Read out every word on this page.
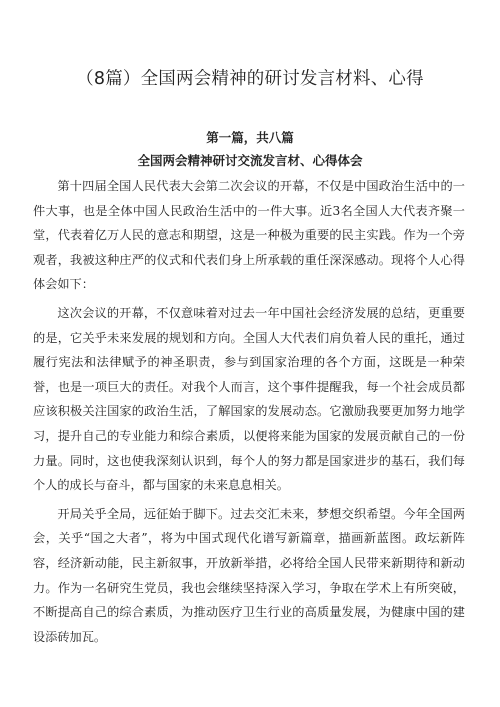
（8篇）全国两会精神的研讨发言材料、心得
第一篇，共八篇
全国两会精神研讨交流发言材、心得体会

第十四届全国人民代表大会第二次会议的开幕，不仅是中国政治生活中的一件大事，也是全体中国人民政治生活中的一件大事。近3名全国人大代表齐聚一堂，代表着亿万人民的意志和期望，这是一种极为重要的民主实践。作为一个旁观者，我被这种庄严的仪式和代表们身上所承载的重任深深感动。现将个人心得体会如下：

这次会议的开幕，不仅意味着对过去一年中国社会经济发展的总结，更重要的是，它关乎未来发展的规划和方向。全国人大代表们肩负着人民的重托，通过履行宪法和法律赋予的神圣职责，参与到国家治理的各个方面，这既是一种荣誉，也是一项巨大的责任。对我个人而言，这个事件提醒我，每一个社会成员都应该积极关注国家的政治生活，了解国家的发展动态。它激励我要更加努力地学习，提升自己的专业能力和综合素质，以便将来能为国家的发展贡献自己的一份力量。同时，这也使我深刻认识到，每个人的努力都是国家进步的基石，我们每个人的成长与奋斗，都与国家的未来息息相关。

开局关乎全局，远征始于脚下。过去交汇未来，梦想交织希望。今年全国两会，关乎“国之大者”，将为中国式现代化谱写新篇章，描画新蓝图。政坛新阵容，经济新动能，民主新叙事，开放新举措，必将给全国人民带来新期待和新动力。作为一名研究生党员，我也会继续坚持深入学习，争取在学术上有所突破，不断提高自己的综合素质，为推动医疗卫生行业的高质量发展，为健康中国的建设添砖加瓦。
